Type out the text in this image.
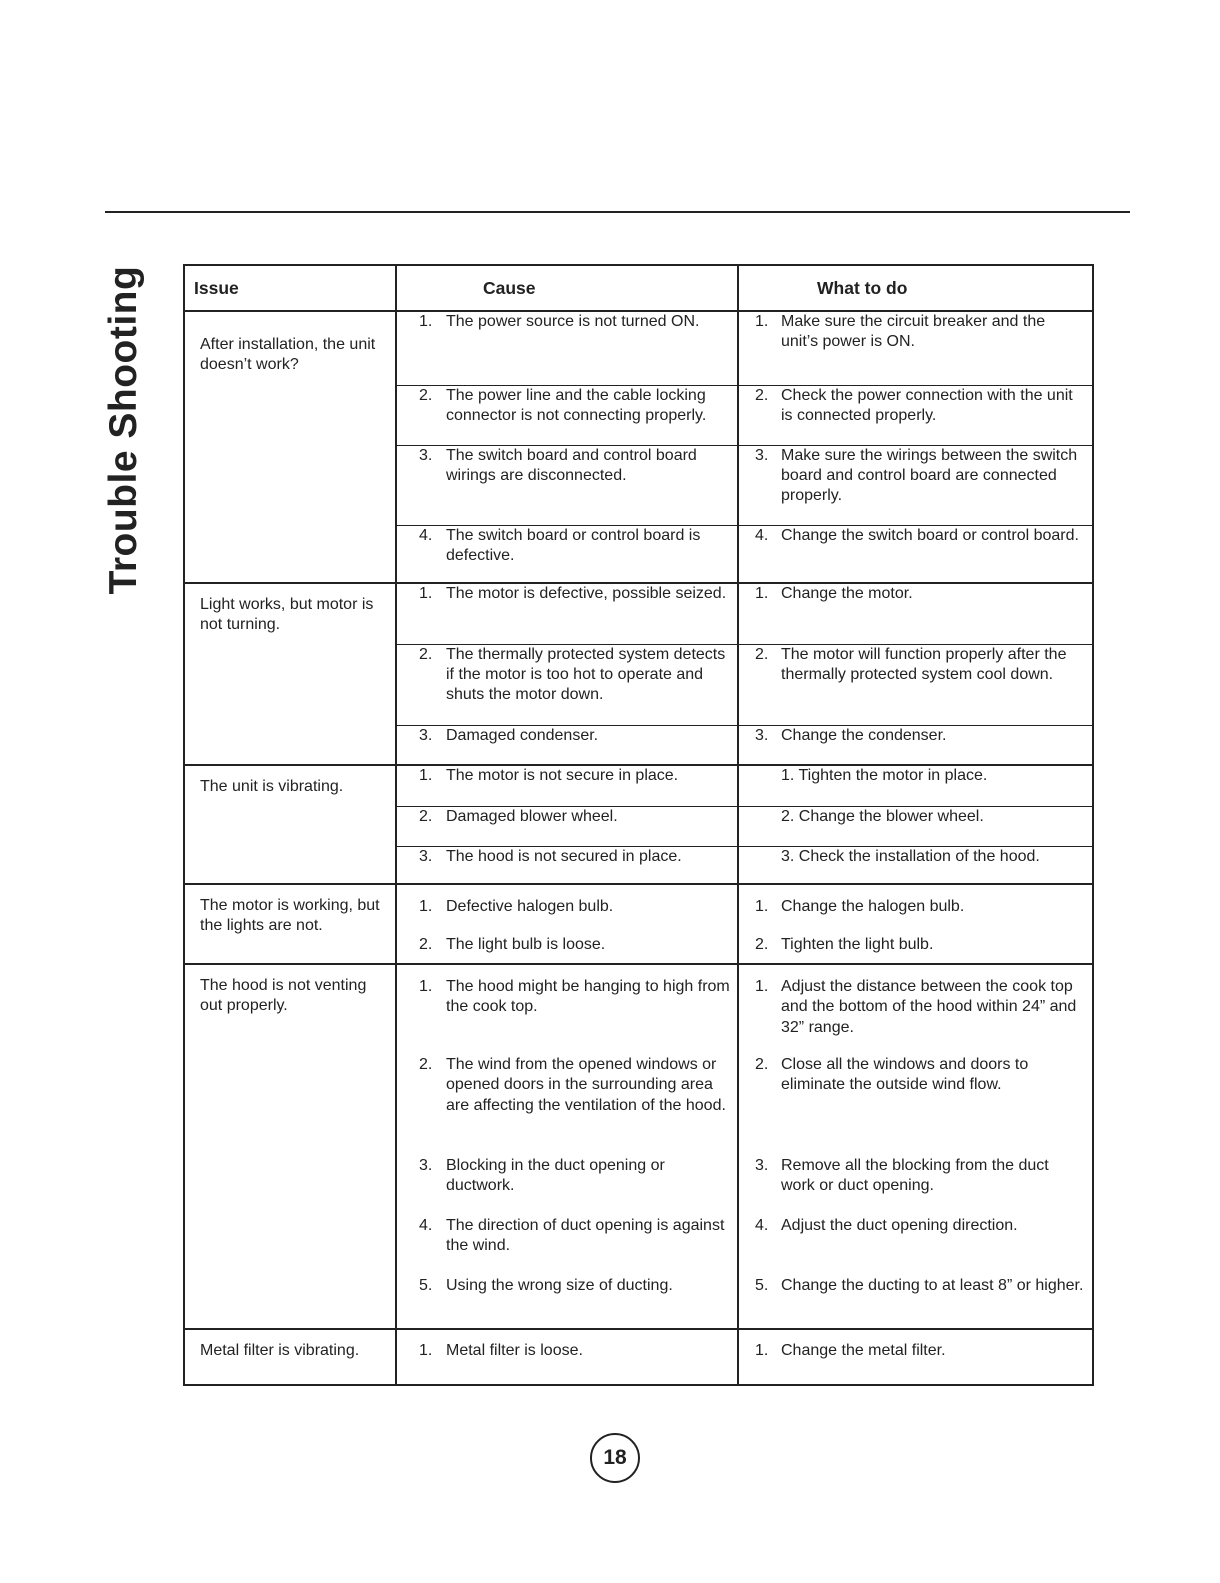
Trouble Shooting	Issue	Cause	What to do
After installation, the unit doesn’t work?	1. The power source is not turned ON.	1. Make sure the circuit breaker and the unit’s power is ON.

	2. The power line and the cable locking connector is not connecting properly.	2. Check the power connection with the unit is connected properly.

	3. The switch board and control board wirings are disconnected.	3. Make sure the wirings between the switch board and control board are connected properly.

	4. The switch board or control board is defective.	4. Change the switch board or control board.

Light works, but motor is not turning.	1. The motor is defective, possible seized.	1. Change the motor.

	2. The thermally protected system detects if the motor is too hot to operate and shuts the motor down.	2. The motor will function properly after the thermally protected system cool down.

	3. Damaged condenser.	3. Change the condenser.

The unit is vibrating.	1. The motor is not secure in place.	1. Tighten the motor in place.

	2. Damaged blower wheel.	2. Change the blower wheel.

	3. The hood is not secured in place.	3. Check the installation of the hood.

The motor is working, but the lights are not.	1. Defective halogen bulb.	1. Change the halogen bulb.

	2. The light bulb is loose.	2. Tighten the light bulb.

The hood is not venting out properly.	1. The hood might be hanging to high from the cook top.	1. Adjust the distance between the cook top and the bottom of the hood within 24” and 32” range.

	2. The wind from the opened windows or opened doors in the surrounding area are affecting the ventilation of the hood.	2. Close all the windows and doors to eliminate the outside wind flow.

	3. Blocking in the duct opening or ductwork.	3. Remove all the blocking from the duct work or duct opening.

	4. The direction of duct opening is against the wind.	4. Adjust the duct opening direction.

	5. Using the wrong size of ducting.	5. Change the ducting to at least 8” or higher.

Metal filter is vibrating.	1. Metal filter is loose.	1. Change the metal filter.
18
